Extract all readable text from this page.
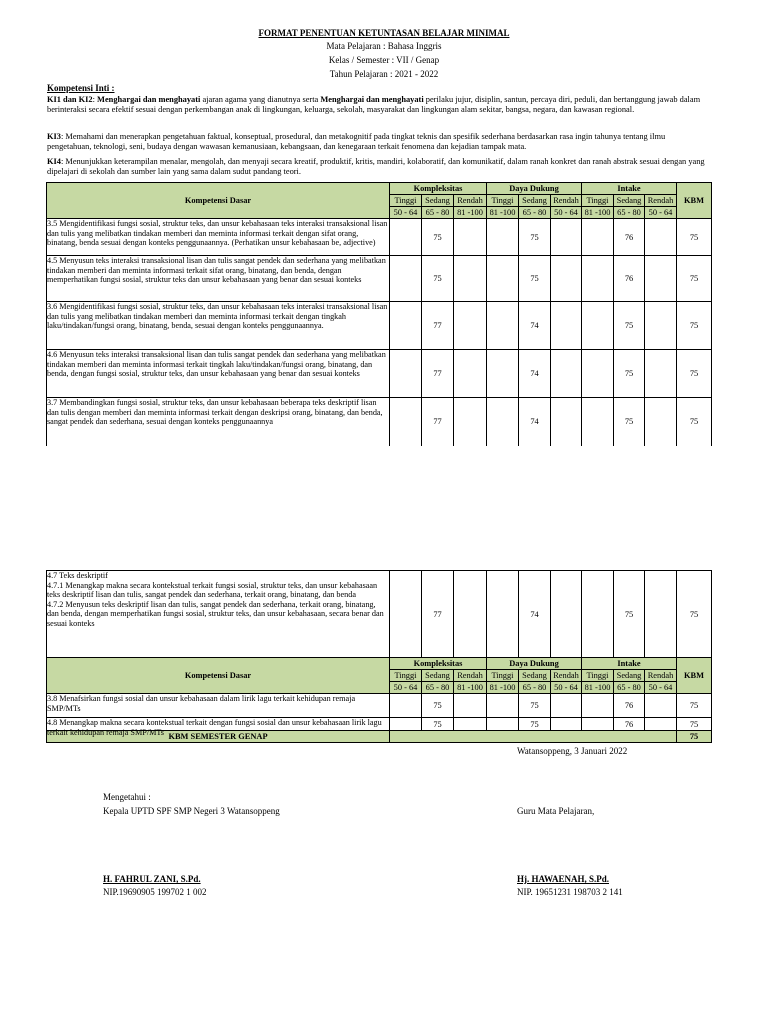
FORMAT PENENTUAN KETUNTASAN BELAJAR MINIMAL
Mata Pelajaran : Bahasa Inggris
Kelas / Semester : VII / Genap
Tahun Pelajaran : 2021 - 2022
Kompetensi Inti :
KI1 dan KI2: Menghargai dan menghayati ajaran agama yang dianutnya serta Menghargai dan menghayati perilaku jujur, disiplin, santun, percaya diri, peduli, dan bertanggung jawab dalam berinteraksi secara efektif sesuai dengan perkembangan anak di lingkungan, keluarga, sekolah, masyarakat dan lingkungan alam sekitar, bangsa, negara, dan kawasan regional.
KI3: Memahami dan menerapkan pengetahuan faktual, konseptual, prosedural, dan metakognitif pada tingkat teknis dan spesifik sederhana berdasarkan rasa ingin tahunya tentang ilmu pengetahuan, teknologi, seni, budaya dengan wawasan kemanusiaan, kebangsaan, dan kenegaraan terkait fenomena dan kejadian tampak mata.
KI4: Menunjukkan keterampilan menalar, mengolah, dan menyaji secara kreatif, produktif, kritis, mandiri, kolaboratif, dan komunikatif, dalam ranah konkret dan ranah abstrak sesuai dengan yang dipelajari di sekolah dan sumber lain yang sama dalam sudut pandang teori.
Kompetensi Dasar	Kompleksitas			Daya Dukung			Intake			KBM
	Tinggi	Sedang	Rendah	Tinggi	Sedang	Rendah	Tinggi	Sedang	Rendah	
	50 - 64	65 - 80	81 -100	81 -100	65 - 80	50 - 64	81 -100	65 - 80	50 - 64	

3.5 Mengidentifikasi fungsi sosial, struktur teks, dan unsur kebahasaan teks interaksi transaksional lisan dan tulis yang melibatkan tindakan memberi dan meminta informasi terkait dengan sifat orang, binatang, benda sesuai dengan konteks penggunaannya. (Perhatikan unsur kebahasaan be, adjective)		75			75			76		75

4.5 Menyusun teks interaksi transaksional lisan dan tulis sangat pendek dan sederhana yang melibatkan tindakan memberi dan meminta informasi terkait sifat orang, binatang, dan benda, dengan memperhatikan fungsi sosial, struktur teks dan unsur kebahasaan yang benar dan sesuai konteks		75			75			76		75

3.6 Mengidentifikasi fungsi sosial, struktur teks, dan unsur kebahasaan teks interaksi transaksional lisan dan tulis yang melibatkan tindakan memberi dan meminta informasi terkait dengan tingkah laku/tindakan/fungsi orang, binatang, benda, sesuai dengan konteks penggunaannya.		77			74			75		75

4.6 Menyusun teks interaksi transaksional lisan dan tulis sangat pendek dan sederhana yang melibatkan tindakan memberi dan meminta informasi terkait tingkah laku/tindakan/fungsi orang, binatang, dan benda, dengan fungsi sosial, struktur teks, dan unsur kebahasaan yang benar dan sesuai konteks		77			74			75		75

3.7 Membandingkan fungsi sosial, struktur teks, dan unsur kebahasaan beberapa teks deskriptif lisan dan tulis dengan memberi dan meminta informasi terkait dengan deskripsi orang, binatang, dan benda, sangat pendek dan sederhana, sesuai dengan konteks penggunaannya		77			74			75		75
4.7 Teks deskriptif
4.7.1 Menangkap makna secara kontekstual terkait fungsi sosial, struktur teks, dan unsur kebahasaan teks deskriptif lisan dan tulis, sangat pendek dan sederhana, terkait orang, binatang, dan benda
4.7.2 Menyusun teks deskriptif lisan dan tulis, sangat pendek dan sederhana, terkait orang, binatang, dan benda, dengan memperhatikan fungsi sosial, struktur teks, dan unsur kebahasaan, secara benar dan sesuai konteks		77			74			75		75
Kompetensi Dasar	Kompleksitas			Daya Dukung			Intake			KBM
	Tinggi	Sedang	Rendah	Tinggi	Sedang	Rendah	Tinggi	Sedang	Rendah	
	50 - 64	65 - 80	81 -100	81 -100	65 - 80	50 - 64	81 -100	65 - 80	50 - 64	

3.8 Menafsirkan fungsi sosial dan unsur kebahasaan dalam lirik lagu terkait kehidupan remaja SMP/MTs		75			75			76		75

4.8 Menangkap makna secara kontekstual terkait dengan fungsi sosial dan unsur kebahasaan lirik lagu terkait kehidupan remaja SMP/MTs		75			75			76		75
KBM SEMESTER GENAP										75
Watansoppeng, 3 Januari 2022
Mengetahui :
Kepala UPTD SPF SMP Negeri 3 Watansoppeng	Guru Mata Pelajaran,
H. FAHRUL ZANI, S.Pd.
NIP.19690905 199702 1 002
Hj. HAWAENAH, S.Pd.
NIP. 19651231 198703 2 141
